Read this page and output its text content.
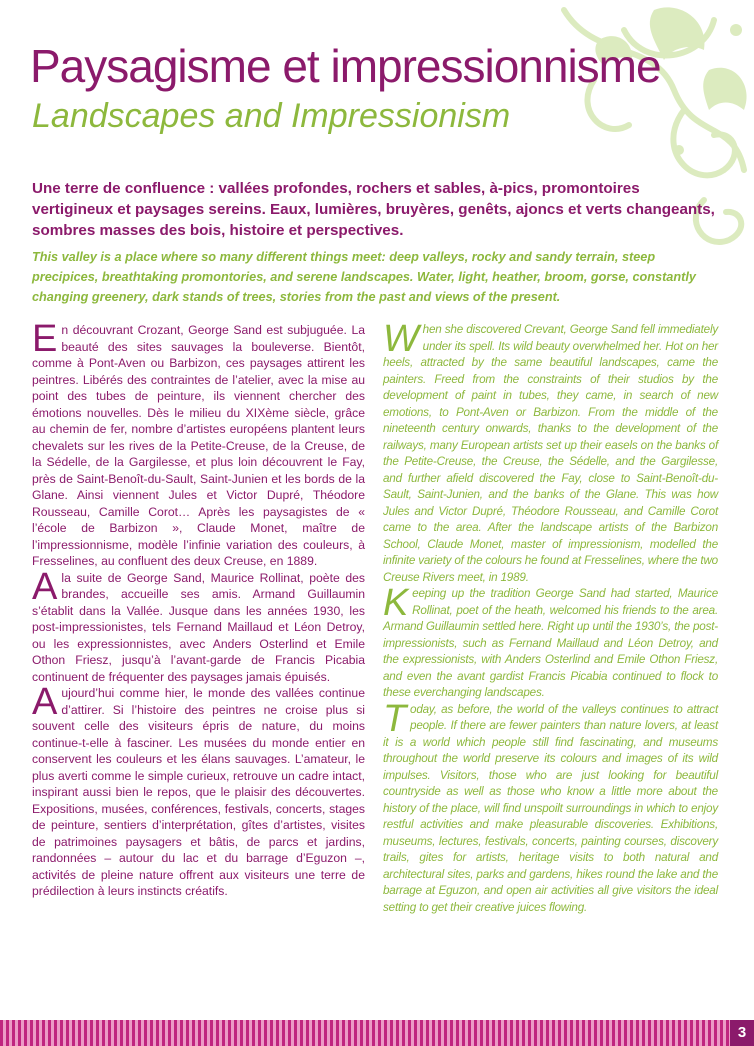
Paysagisme et impressionnisme
Landscapes and Impressionism

Une terre de confluence : vallées profondes, rochers et sables, à-pics, promontoires vertigineux et paysages sereins. Eaux, lumières, bruyères, genêts, ajoncs et verts changeants, sombres masses des bois, histoire et perspectives.

This valley is a place where so many different things meet: deep valleys, rocky and sandy terrain, steep precipices, breathtaking promontories, and serene landscapes. Water, light, heather, broom, gorse, constantly changing greenery, dark stands of trees, stories from the past and views of the present.

En découvrant Crozant, George Sand est subjuguée. La beauté des sites sauvages la bouleverse. Bientôt, comme à Pont-Aven ou Barbizon, ces paysages attirent les peintres. Libérés des contraintes de l’atelier, avec la mise au point des tubes de peinture, ils viennent chercher des émotions nouvelles. Dès le milieu du XIXème siècle, grâce au chemin de fer, nombre d’artistes européens plantent leurs chevalets sur les rives de la Petite-Creuse, de la Creuse, de la Sédelle, de la Gargilesse, et plus loin découvrent le Fay, près de Saint-Benoît-du-Sault, Saint-Junien et les bords de la Glane. Ainsi viennent Jules et Victor Dupré, Théodore Rousseau, Camille Corot… Après les paysagistes de « l’école de Barbizon », Claude Monet, maître de l’impressionnisme, modèle l’infinie variation des couleurs, à Fresselines, au confluent des deux Creuse, en 1889.

A la suite de George Sand, Maurice Rollinat, poète des brandes, accueille ses amis. Armand Guillaumin s’établit dans la Vallée. Jusque dans les années 1930, les post-impressionistes, tels Fernand Maillaud et Léon Detroy, ou les expressionnistes, avec Anders Osterlind et Emile Othon Friesz, jusqu’à l’avant-garde de Francis Picabia continuent de fréquenter des paysages jamais épuisés.

Aujourd’hui comme hier, le monde des vallées continue d’attirer. Si l’histoire des peintres ne croise plus si souvent celle des visiteurs épris de nature, du moins continue-t-elle à fasciner. Les musées du monde entier en conservent les couleurs et les élans sauvages. L’amateur, le plus averti comme le simple curieux, retrouve un cadre intact, inspirant aussi bien le repos, que le plaisir des découvertes. Expositions, musées, conférences, festivals, concerts, stages de peinture, sentiers d’interprétation, gîtes d’artistes, visites de patrimoines paysagers et bâtis, de parcs et jardins, randonnées – autour du lac et du barrage d’Eguzon –, activités de pleine nature offrent aux visiteurs une terre de prédilection à leurs instincts créatifs.

When she discovered Crevant, George Sand fell immediately under its spell. Its wild beauty overwhelmed her. Hot on her heels, attracted by the same beautiful landscapes, came the painters. Freed from the constraints of their studios by the development of paint in tubes, they came, in search of new emotions, to Pont-Aven or Barbizon. From the middle of the nineteenth century onwards, thanks to the development of the railways, many European artists set up their easels on the banks of the Petite-Creuse, the Creuse, the Sédelle, and the Gargilesse, and further afield discovered the Fay, close to Saint-Benoît-du-Sault, Saint-Junien, and the banks of the Glane. This was how Jules and Victor Dupré, Théodore Rousseau, and Camille Corot came to the area. After the landscape artists of the Barbizon School, Claude Monet, master of impressionism, modelled the infinite variety of the colours he found at Fresselines, where the two Creuse Rivers meet, in 1989.

Keeping up the tradition George Sand had started, Maurice Rollinat, poet of the heath, welcomed his friends to the area. Armand Guillaumin settled here. Right up until the 1930’s, the post-impressionists, such as Fernand Maillaud and Léon Detroy, and the expressionists, with Anders Osterlind and Emile Othon Friesz, and even the avant gardist Francis Picabia continued to flock to these everchanging landscapes.

Today, as before, the world of the valleys continues to attract people. If there are fewer painters than nature lovers, at least it is a world which people still find fascinating, and museums throughout the world preserve its colours and images of its wild impulses. Visitors, those who are just looking for beautiful countryside as well as those who know a little more about the history of the place, will find unspoilt surroundings in which to enjoy restful activities and make pleasurable discoveries. Exhibitions, museums, lectures, festivals, concerts, painting courses, discovery trails, gites for artists, heritage visits to both natural and architectural sites, parks and gardens, hikes round the lake and the barrage at Eguzon, and open air activities all give visitors the ideal setting to get their creative juices flowing.

3
